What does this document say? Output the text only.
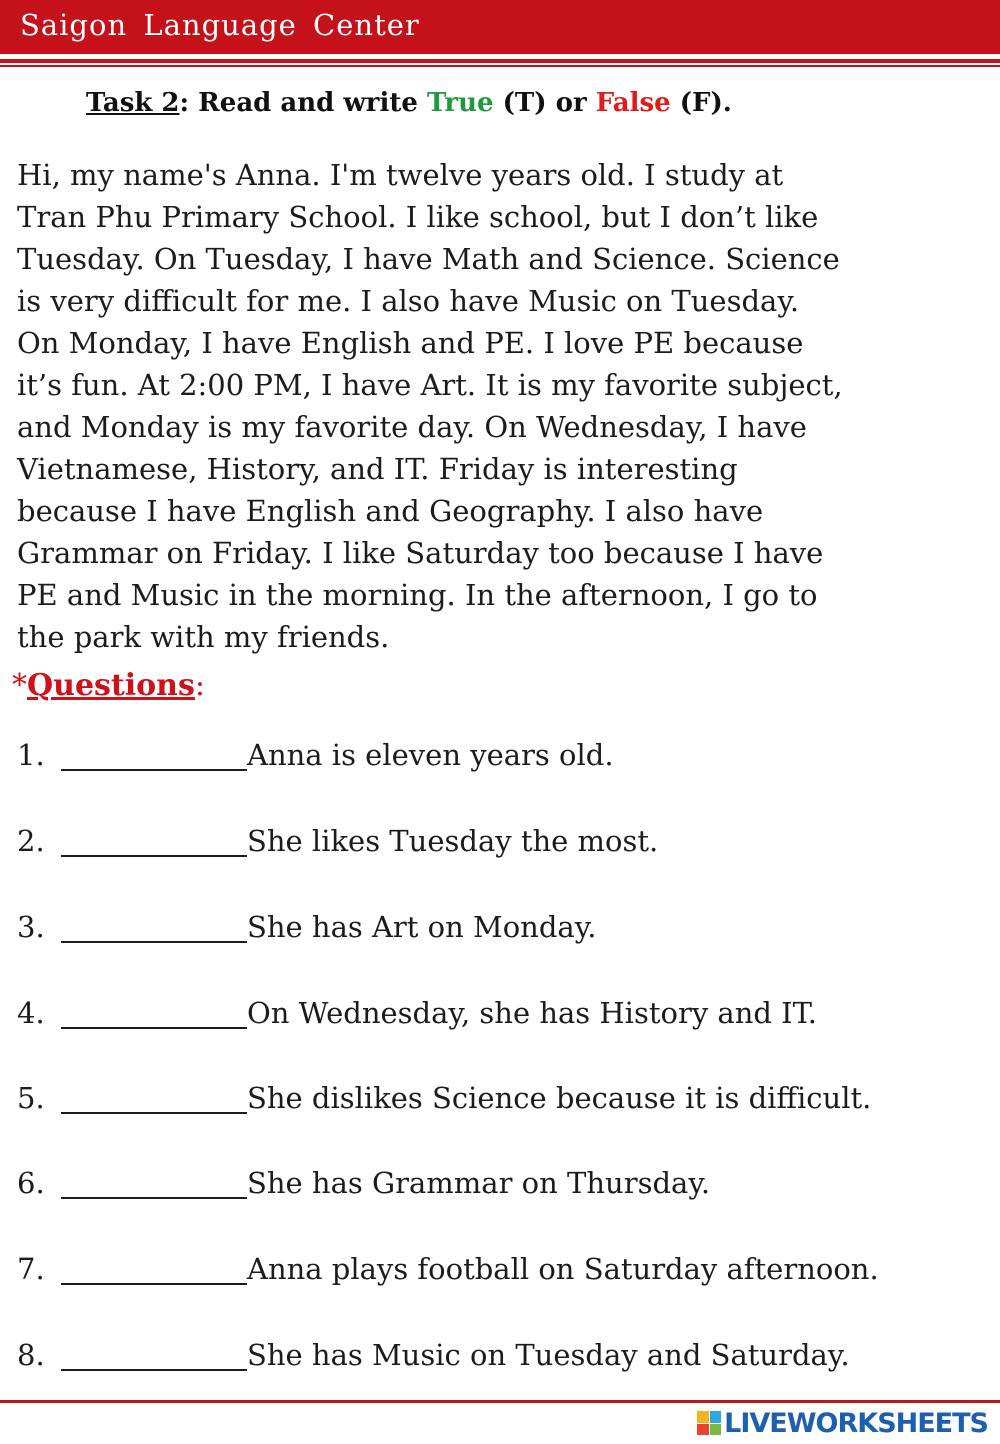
Saigon Language Center
Task 2: Read and write True (T) or False (F).
Hi, my name's Anna. I'm twelve years old. I study at
Tran Phu Primary School. I like school, but I don’t like
Tuesday. On Tuesday, I have Math and Science. Science
is very difficult for me. I also have Music on Tuesday.
On Monday, I have English and PE. I love PE because
it’s fun. At 2:00 PM, I have Art. It is my favorite subject,
and Monday is my favorite day. On Wednesday, I have
Vietnamese, History, and IT. Friday is interesting
because I have English and Geography. I also have
Grammar on Friday. I like Saturday too because I have
PE and Music in the morning. In the afternoon, I go to
the park with my friends.
*Questions:
1.	Anna is eleven years old.
2.	She likes Tuesday the most.
3.	She has Art on Monday.
4.	On Wednesday, she has History and IT.
5.	She dislikes Science because it is difficult.
6.	She has Grammar on Thursday.
7.	Anna plays football on Saturday afternoon.
8.	She has Music on Tuesday and Saturday.
LIVEWORKSHEETS
